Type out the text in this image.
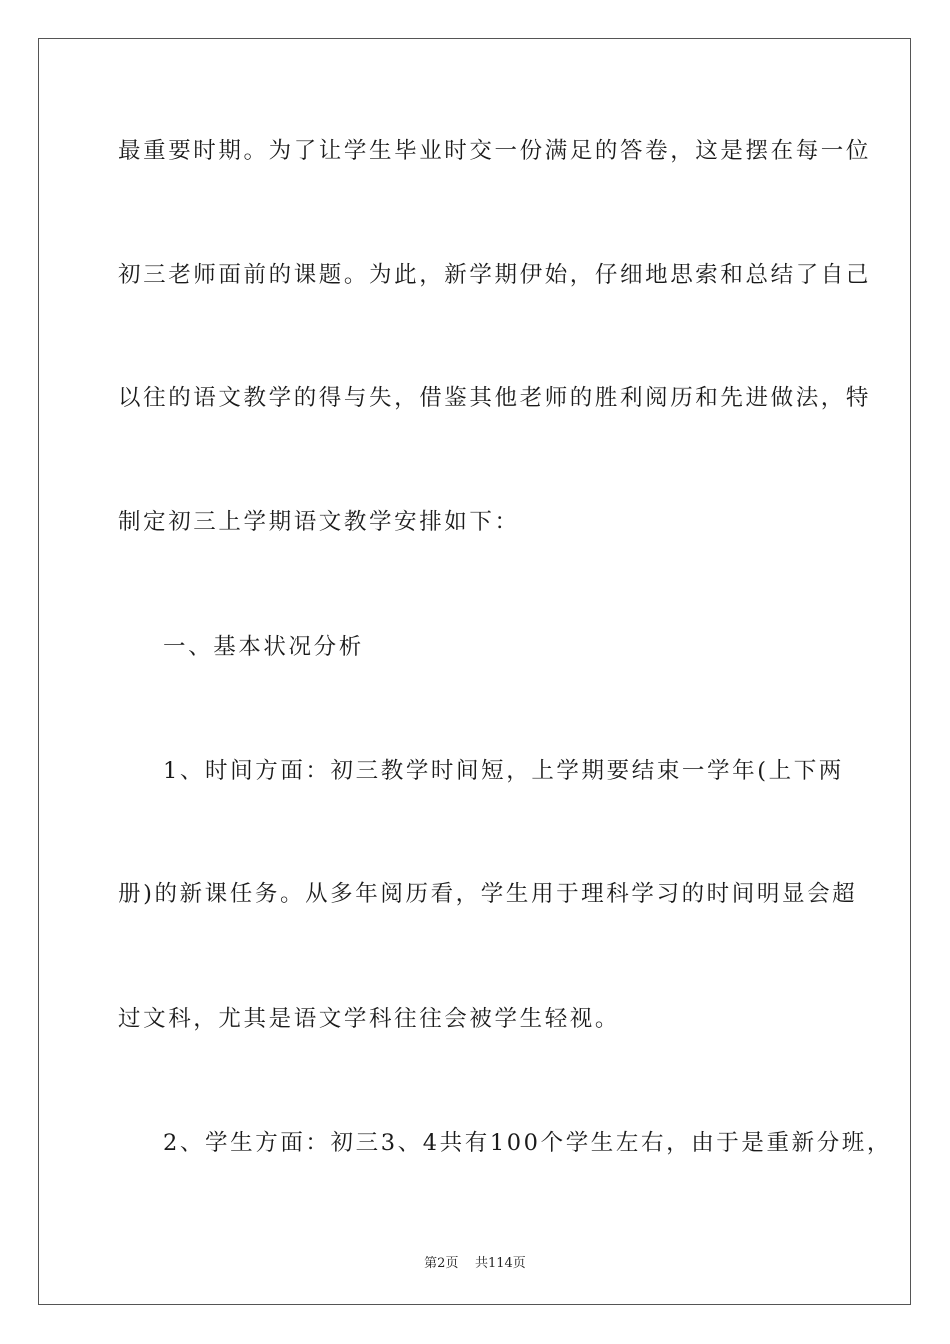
最重要时期。为了让学生毕业时交一份满足的答卷，这是摆在每一位
初三老师面前的课题。为此，新学期伊始，仔细地思索和总结了自己
以往的语文教学的得与失，借鉴其他老师的胜利阅历和先进做法，特
制定初三上学期语文教学安排如下：
一、基本状况分析
1、时间方面：初三教学时间短，上学期要结束一学年(上下两
册)的新课任务。从多年阅历看，学生用于理科学习的时间明显会超
过文科，尤其是语文学科往往会被学生轻视。
2、学生方面：初三3、4共有100个学生左右，由于是重新分班，
第2页 共114页
